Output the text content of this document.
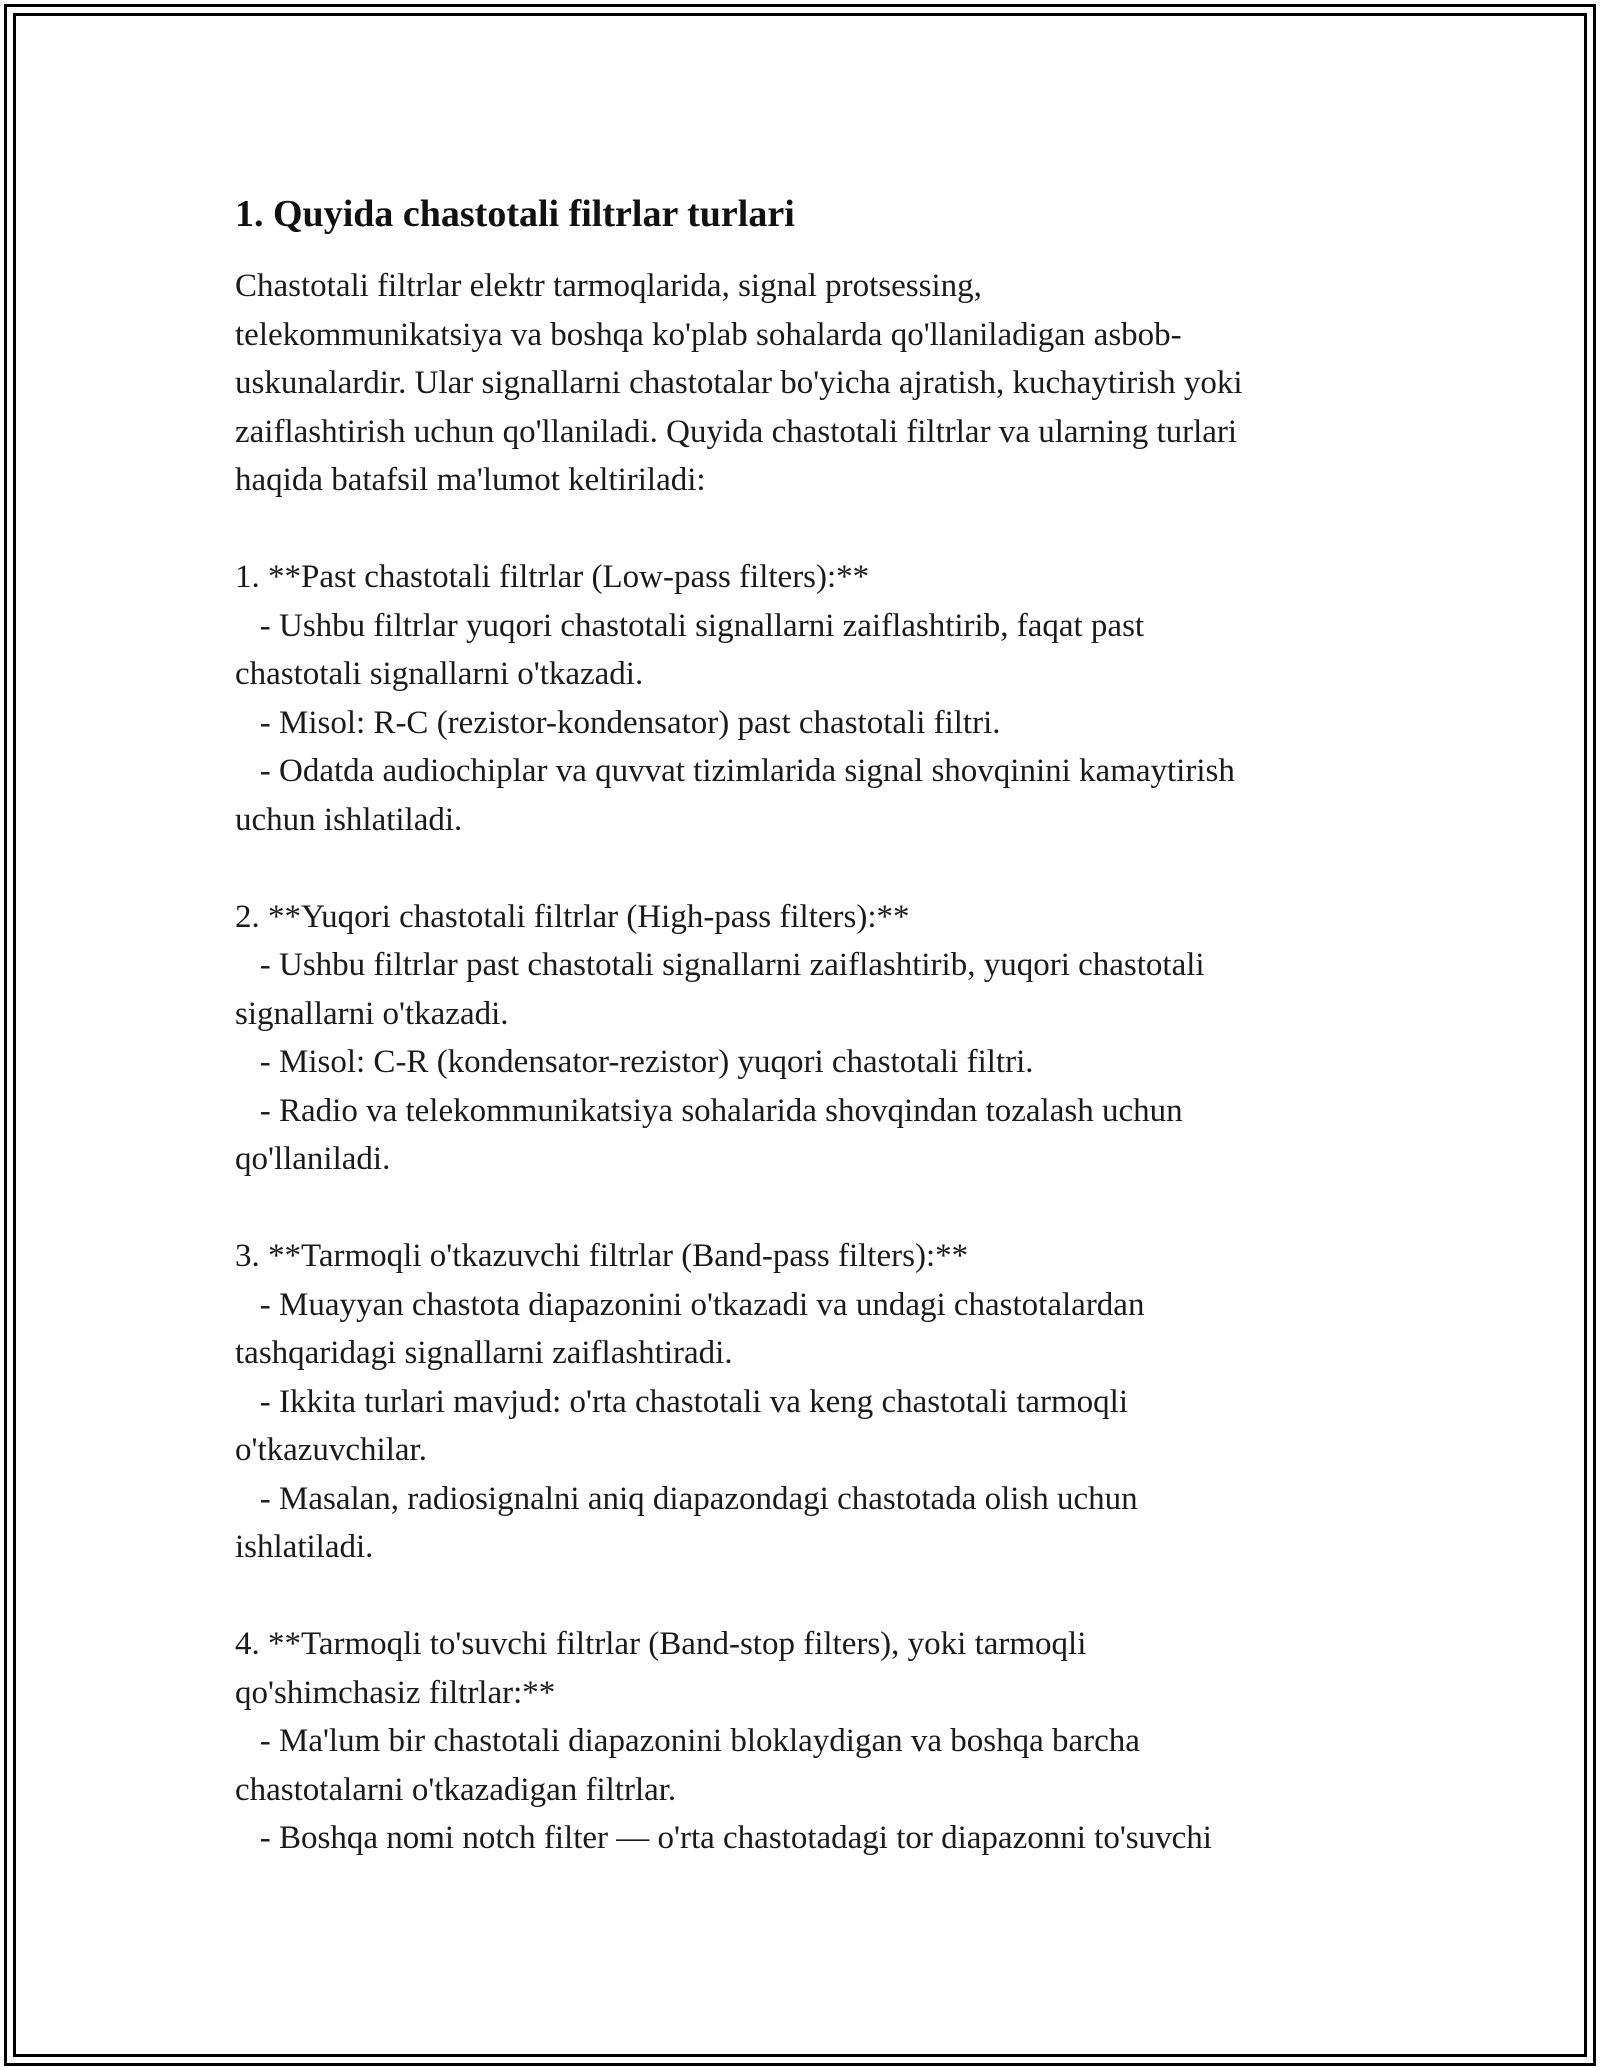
1. Quyida chastotali filtrlar turlari

Chastotali filtrlar elektr tarmoqlarida, signal protsessing,
telekommunikatsiya va boshqa ko'plab sohalarda qo'llaniladigan asbob-
uskunalardir. Ular signallarni chastotalar bo'yicha ajratish, kuchaytirish yoki
zaiflashtirish uchun qo'llaniladi. Quyida chastotali filtrlar va ularning turlari
haqida batafsil ma'lumot keltiriladi:

1. **Past chastotali filtrlar (Low-pass filters):**
- Ushbu filtrlar yuqori chastotali signallarni zaiflashtirib, faqat past
chastotali signallarni o'tkazadi.
- Misol: R-C (rezistor-kondensator) past chastotali filtri.
- Odatda audiochiplar va quvvat tizimlarida signal shovqinini kamaytirish
uchun ishlatiladi.

2. **Yuqori chastotali filtrlar (High-pass filters):**
- Ushbu filtrlar past chastotali signallarni zaiflashtirib, yuqori chastotali
signallarni o'tkazadi.
- Misol: C-R (kondensator-rezistor) yuqori chastotali filtri.
- Radio va telekommunikatsiya sohalarida shovqindan tozalash uchun
qo'llaniladi.

3. **Tarmoqli o'tkazuvchi filtrlar (Band-pass filters):**
- Muayyan chastota diapazonini o'tkazadi va undagi chastotalardan
tashqaridagi signallarni zaiflashtiradi.
- Ikkita turlari mavjud: o'rta chastotali va keng chastotali tarmoqli
o'tkazuvchilar.
- Masalan, radiosignalni aniq diapazondagi chastotada olish uchun
ishlatiladi.

4. **Tarmoqli to'suvchi filtrlar (Band-stop filters), yoki tarmoqli
qo'shimchasiz filtrlar:**
- Ma'lum bir chastotali diapazonini bloklaydigan va boshqa barcha
chastotalarni o'tkazadigan filtrlar.
- Boshqa nomi notch filter — o'rta chastotadagi tor diapazonni to'suvchi
